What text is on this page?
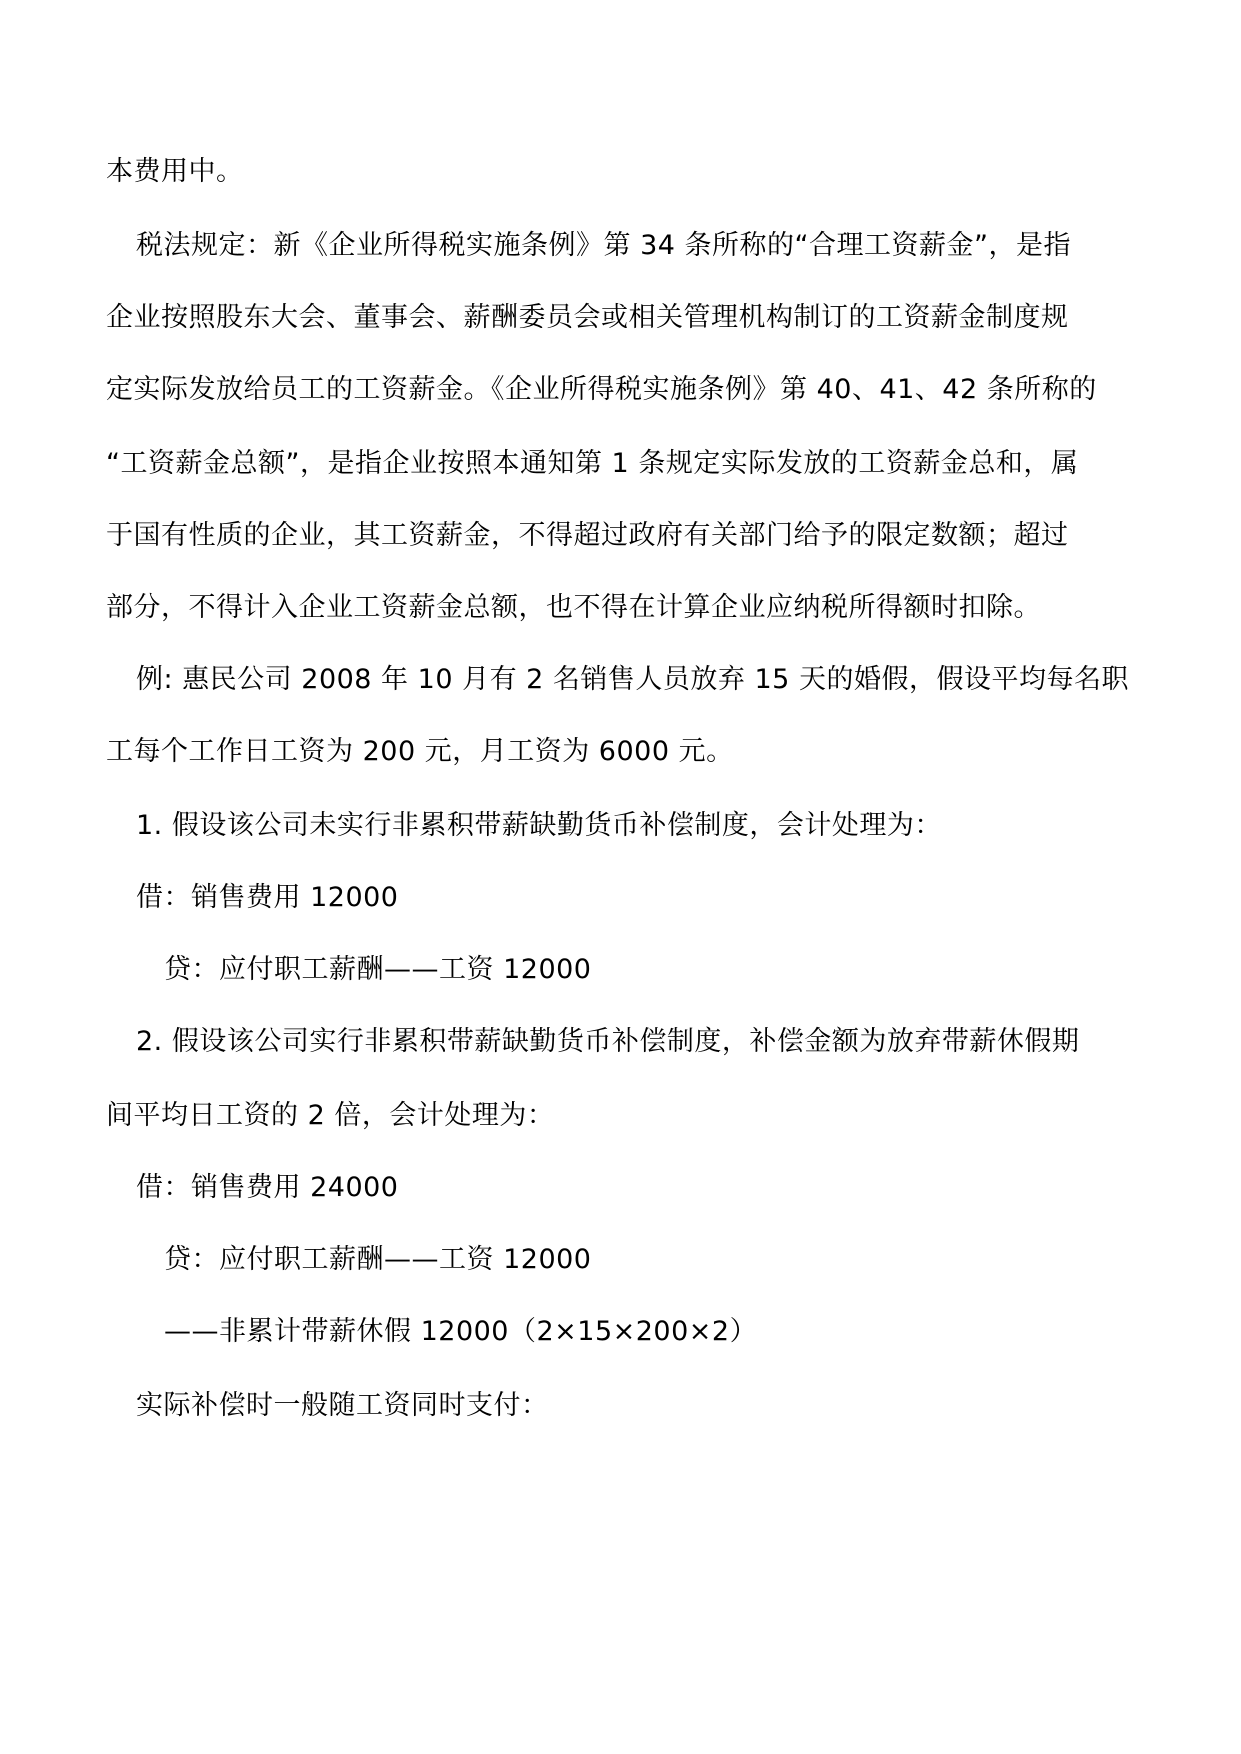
本费用中。
税法规定：新《企业所得税实施条例》第 34 条所称的“合理工资薪金”，是指
企业按照股东大会、董事会、薪酬委员会或相关管理机构制订的工资薪金制度规
定实际发放给员工的工资薪金。《企业所得税实施条例》第 40、41、42 条所称的
“工资薪金总额”，是指企业按照本通知第 1 条规定实际发放的工资薪金总和，属
于国有性质的企业，其工资薪金，不得超过政府有关部门给予的限定数额；超过
部分，不得计入企业工资薪金总额，也不得在计算企业应纳税所得额时扣除。
例: 惠民公司 2008 年 10 月有 2 名销售人员放弃 15 天的婚假，假设平均每名职
工每个工作日工资为 200 元，月工资为 6000 元。
1. 假设该公司未实行非累积带薪缺勤货币补偿制度，会计处理为：
借：销售费用 12000
贷：应付职工薪酬——工资 12000
2. 假设该公司实行非累积带薪缺勤货币补偿制度，补偿金额为放弃带薪休假期
间平均日工资的 2 倍，会计处理为：
借：销售费用 24000
贷：应付职工薪酬——工资 12000
——非累计带薪休假 12000（2×15×200×2）
实际补偿时一般随工资同时支付：
